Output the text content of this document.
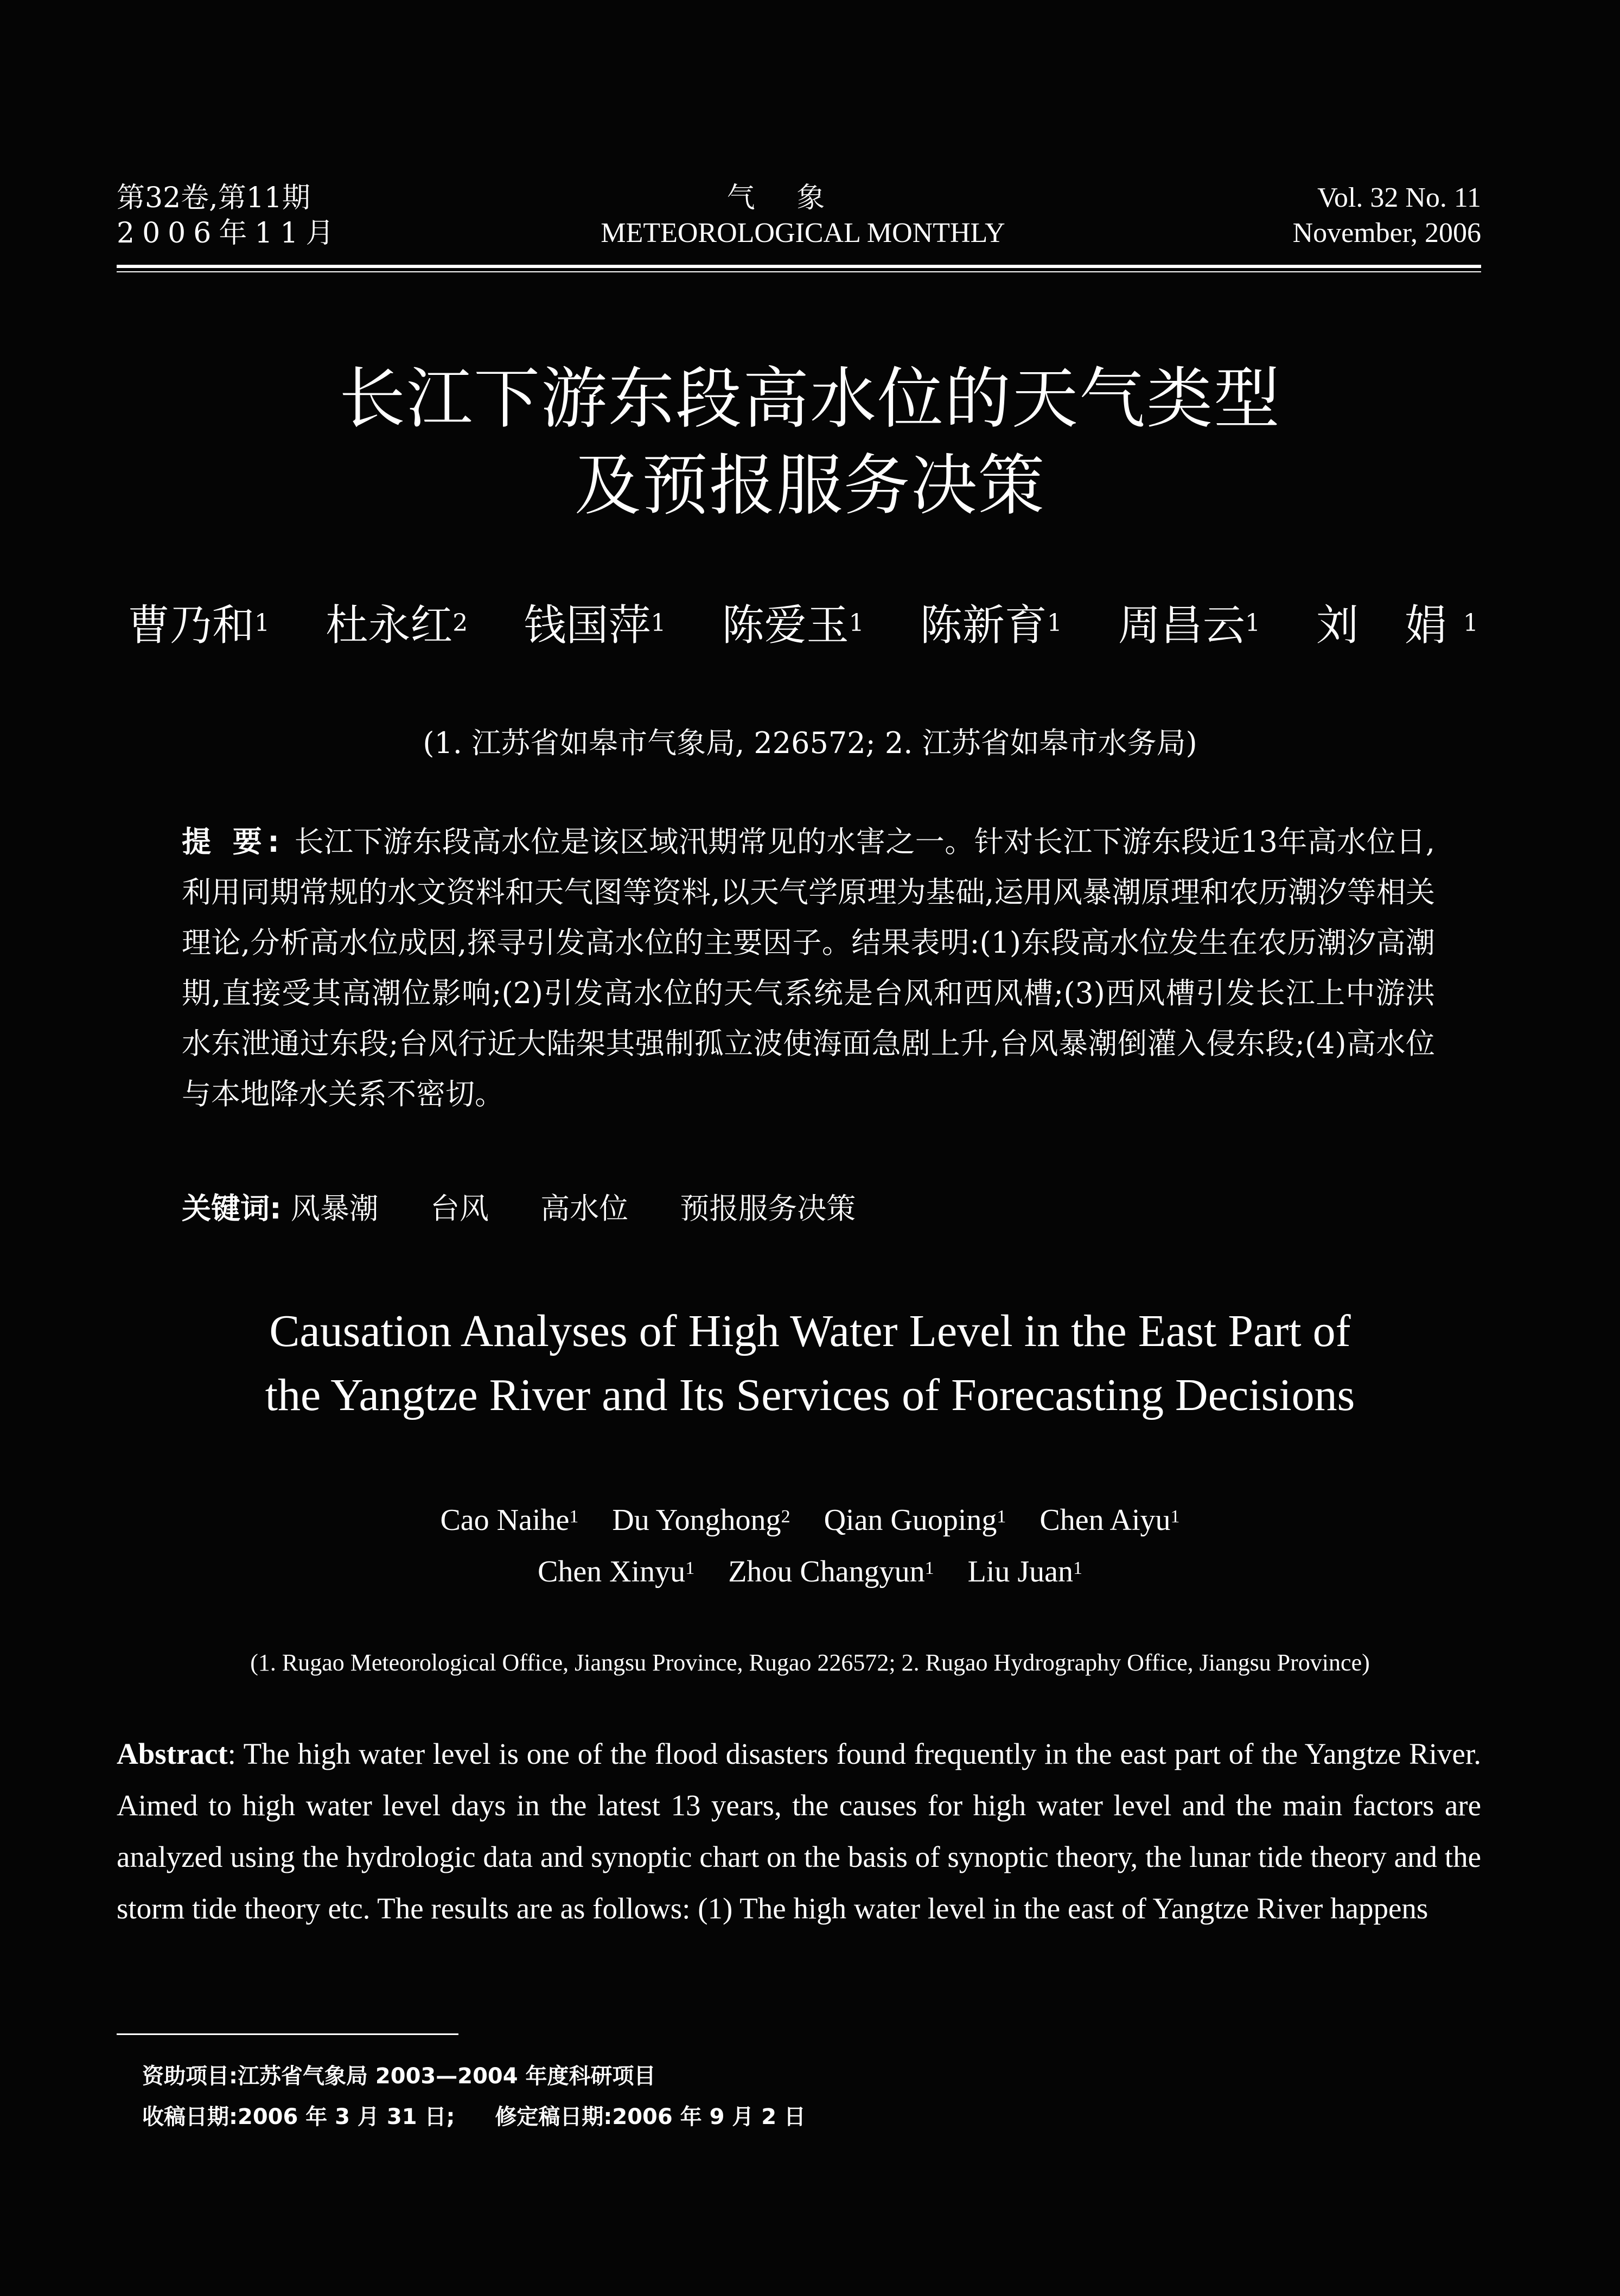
第32卷,第11期
2006年11月
气 象
METEOROLOGICAL MONTHLY
Vol. 32 No. 11
November, 2006
长江下游东段高水位的天气类型
及预报服务决策
曹乃和$^1$ 杜永红$^2$ 钱国萍$^1$ 陈爱玉$^1$ 陈新育$^1$ 周昌云$^1$ 刘 娟$^1$
(1. 江苏省如皋市气象局, 226572; 2. 江苏省如皋市水务局)
提 要: 长江下游东段高水位是该区域汛期常见的水害之一。针对长江下游东段近13年高水位日,利用同期常规的水文资料和天气图等资料,以天气学原理为基础,运用风暴潮原理和农历潮汐等相关理论,分析高水位成因,探寻引发高水位的主要因子。结果表明:(1)东段高水位发生在农历潮汐高潮期,直接受其高潮位影响;(2)引发高水位的天气系统是台风和西风槽;(3)西风槽引发长江上中游洪水东泄通过东段;台风行近大陆架其强制孤立波使海面急剧上升,台风暴潮倒灌入侵东段;(4)高水位与本地降水关系不密切。
关键词: 风暴潮 台风 高水位 预报服务决策
Causation Analyses of High Water Level in the East Part of
the Yangtze River and Its Services of Forecasting Decisions
Cao Naihe$^1$ Du Yonghong$^2$ Qian Guoping$^1$ Chen Aiyu$^1$
Chen Xinyu$^1$ Zhou Changyun$^1$ Liu Juan$^1$
(1. Rugao Meteorological Office, Jiangsu Province, Rugao 226572; 2. Rugao Hydrography Office, Jiangsu Province)
Abstract: The high water level is one of the flood disasters found frequently in the east part of the Yangtze River. Aimed to high water level days in the latest 13 years, the causes for high water level and the main factors are analyzed using the hydrologic data and synoptic chart on the basis of synoptic theory, the lunar tide theory and the storm tide theory etc. The results are as follows: (1) The high water level in the east of Yangtze River happens
资助项目:江苏省气象局 2003—2004 年度科研项目
收稿日期:2006 年 3 月 31 日; 修定稿日期:2006 年 9 月 2 日
